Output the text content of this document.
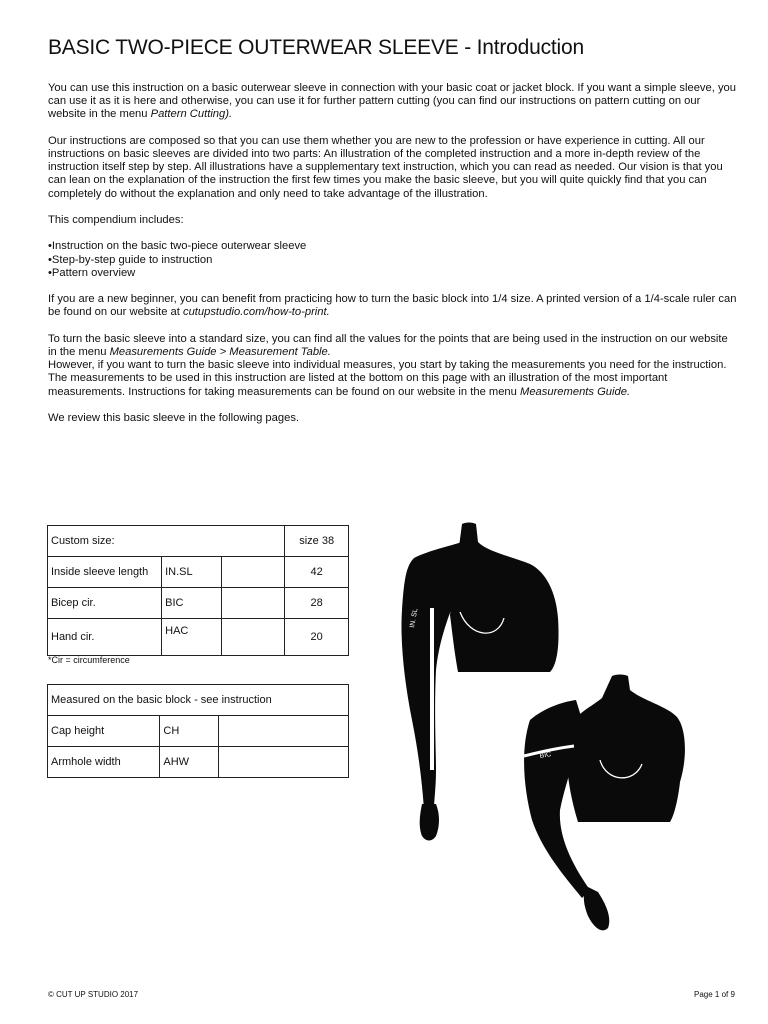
BASIC TWO-PIECE OUTERWEAR SLEEVE - Introduction

You can use this instruction on a basic outerwear sleeve in connection with your basic coat or jacket block. If you want a simple sleeve, you can use it as it is here and otherwise, you can use it for further pattern cutting (you can find our instructions on pattern cutting on our website in the menu Pattern Cutting).

Our instructions are composed so that you can use them whether you are new to the profession or have experience in cutting. All our instructions on basic sleeves are divided into two parts: An illustration of the completed instruction and a more in-depth review of the instruction itself step by step. All illustrations have a supplementary text instruction, which you can read as needed. Our vision is that you can lean on the explanation of the instruction the first few times you make the basic sleeve, but you will quite quickly find that you can completely do without the explanation and only need to take advantage of the illustration.

This compendium includes:

• Instruction on the basic two-piece outerwear sleeve
• Step-by-step guide to instruction
• Pattern overview

If you are a new beginner, you can benefit from practicing how to turn the basic block into 1/4 size. A printed version of a 1/4-scale ruler can be found on our website at cutupstudio.com/how-to-print.

To turn the basic sleeve into a standard size, you can find all the values for the points that are being used in the instruction on our website in the menu Measurements Guide > Measurement Table.
However, if you want to turn the basic sleeve into individual measures, you start by taking the measurements you need for the instruction. The measurements to be used in this instruction are listed at the bottom on this page with an illustration of the most important measurements. Instructions for taking measurements can be found on our website in the menu Measurements Guide.

We review this basic sleeve in the following pages.

Custom size:			size 38
Inside sleeve length	IN.SL		42
Bicep cir.	BIC		28
Hand cir.	HAC		20
*Cir = circumference
Measured on the basic block - see instruction		
Cap height	CH	
Armhole width	AHW	
IN. SL
BIC
HAC
© CUT UP STUDIO 2017	Page 1 of 9
